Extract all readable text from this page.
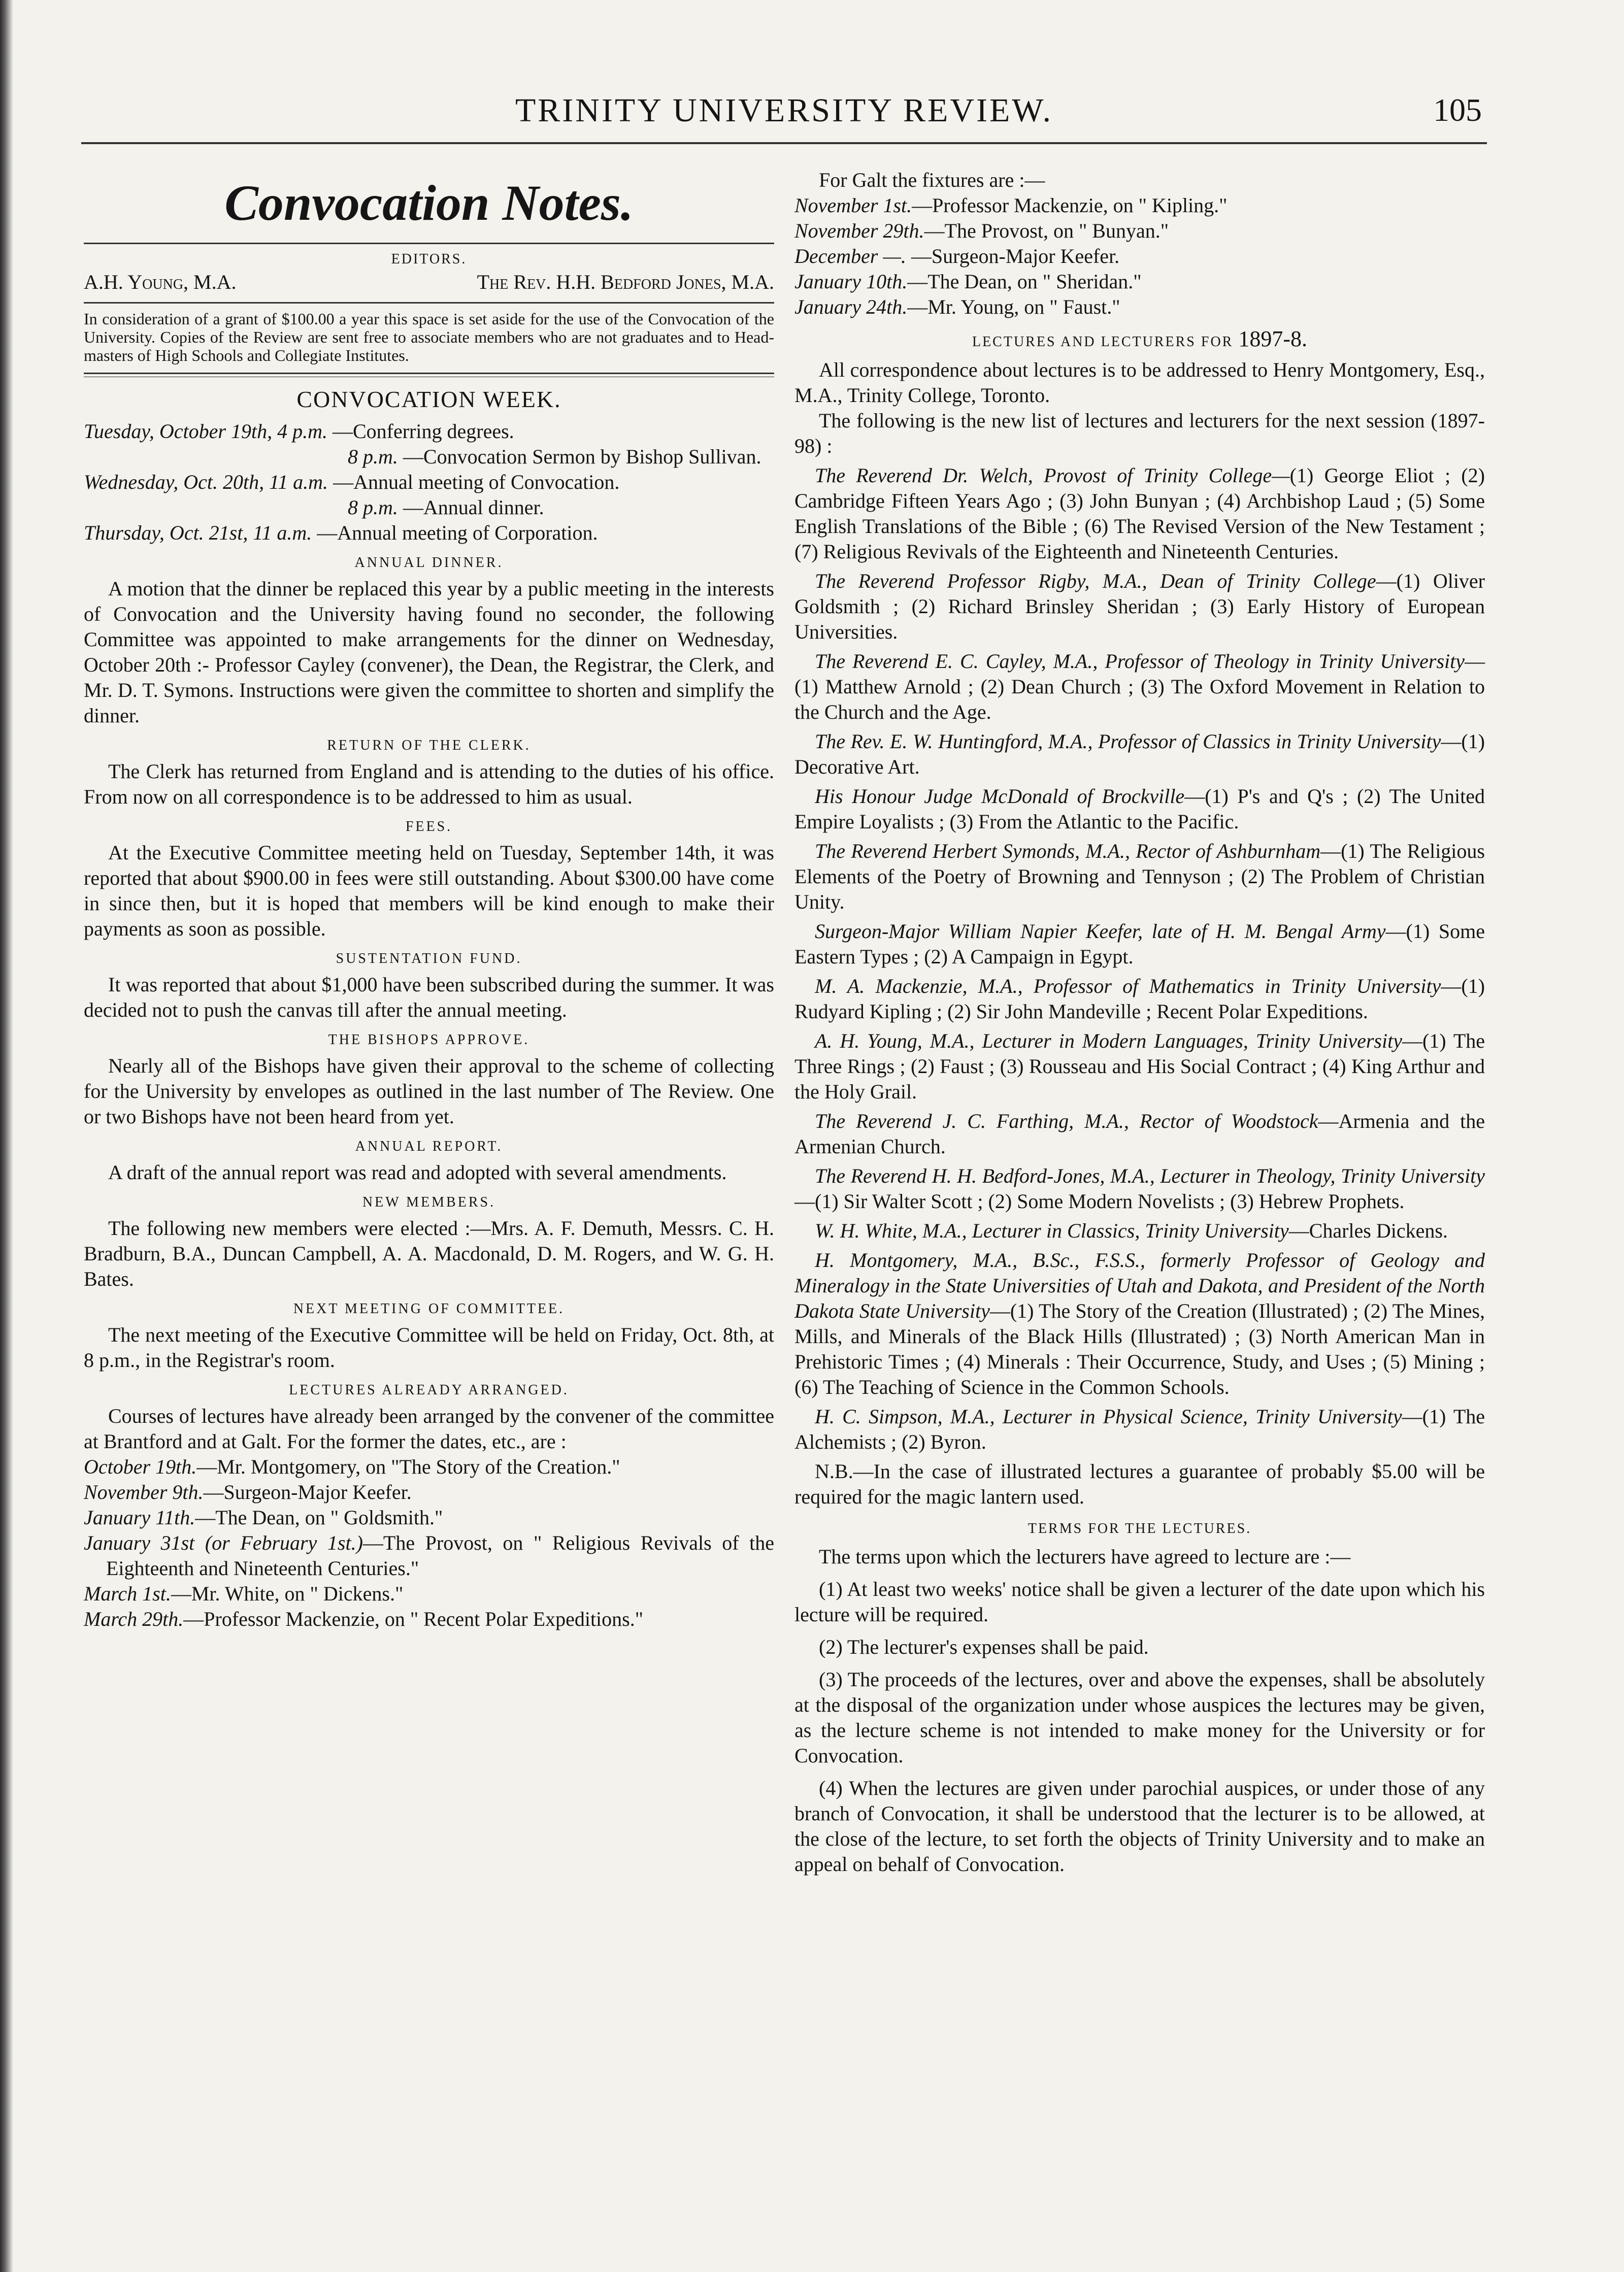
TRINITY UNIVERSITY REVIEW.	105
Convocation Notes.
EDITORS.
A.H. Young, M.A.	The Rev. H.H. Bedford Jones, M.A.
In consideration of a grant of $100.00 a year this space is set aside for the use of the Convocation of the University. Copies of the Review are sent free to associate members who are not graduates and to Head-masters of High Schools and Collegiate Institutes.
CONVOCATION WEEK.
Tuesday, October 19th, 4 p.m. —Conferring degrees.
8 p.m. —Convocation Sermon by Bishop Sullivan.
Wednesday, Oct. 20th, 11 a.m. —Annual meeting of Convocation.
8 p.m. —Annual dinner.
Thursday, Oct. 21st, 11 a.m. —Annual meeting of Corporation.
ANNUAL DINNER.

A motion that the dinner be replaced this year by a public meeting in the interests of Convocation and the University having found no seconder, the following Committee was appointed to make arrangements for the dinner on Wednesday, October 20th :- Professor Cayley (convener), the Dean, the Registrar, the Clerk, and Mr. D. T. Symons. Instructions were given the committee to shorten and simplify the dinner.

RETURN OF THE CLERK.

The Clerk has returned from England and is attending to the duties of his office. From now on all correspondence is to be addressed to him as usual.

FEES.

At the Executive Committee meeting held on Tuesday, September 14th, it was reported that about $900.00 in fees were still outstanding. About $300.00 have come in since then, but it is hoped that members will be kind enough to make their payments as soon as possible.

SUSTENTATION FUND.

It was reported that about $1,000 have been subscribed during the summer. It was decided not to push the canvas till after the annual meeting.

THE BISHOPS APPROVE.

Nearly all of the Bishops have given their approval to the scheme of collecting for the University by envelopes as outlined in the last number of The Review. One or two Bishops have not been heard from yet.

ANNUAL REPORT.

A draft of the annual report was read and adopted with several amendments.

NEW MEMBERS.

The following new members were elected :—Mrs. A. F. Demuth, Messrs. C. H. Bradburn, B.A., Duncan Campbell, A. A. Macdonald, D. M. Rogers, and W. G. H. Bates.

NEXT MEETING OF COMMITTEE.

The next meeting of the Executive Committee will be held on Friday, Oct. 8th, at 8 p.m., in the Registrar's room.

LECTURES ALREADY ARRANGED.

Courses of lectures have already been arranged by the convener of the committee at Brantford and at Galt. For the former the dates, etc., are :

October 19th.—Mr. Montgomery, on "The Story of the Creation."
November 9th.—Surgeon-Major Keefer.
January 11th.—The Dean, on " Goldsmith."
January 31st (or February 1st.)—The Provost, on " Religious Revivals of the Eighteenth and Nineteenth Centuries."
March 1st.—Mr. White, on " Dickens."
March 29th.—Professor Mackenzie, on " Recent Polar Expeditions."

For Galt the fixtures are :—

November 1st.—Professor Mackenzie, on " Kipling."
November 29th.—The Provost, on " Bunyan."
December —. —Surgeon-Major Keefer.
January 10th.—The Dean, on " Sheridan."
January 24th.—Mr. Young, on " Faust."
LECTURES AND LECTURERS FOR 1897-8.

All correspondence about lectures is to be addressed to Henry Montgomery, Esq., M.A., Trinity College, Toronto.

The following is the new list of lectures and lecturers for the next session (1897-98) :

The Reverend Dr. Welch, Provost of Trinity College—(1) George Eliot ; (2) Cambridge Fifteen Years Ago ; (3) John Bunyan ; (4) Archbishop Laud ; (5) Some English Translations of the Bible ; (6) The Revised Version of the New Testament ; (7) Religious Revivals of the Eighteenth and Nineteenth Centuries.

The Reverend Professor Rigby, M.A., Dean of Trinity College—(1) Oliver Goldsmith ; (2) Richard Brinsley Sheridan ; (3) Early History of European Universities.

The Reverend E. C. Cayley, M.A., Professor of Theology in Trinity University—(1) Matthew Arnold ; (2) Dean Church ; (3) The Oxford Movement in Relation to the Church and the Age.

The Rev. E. W. Huntingford, M.A., Professor of Classics in Trinity University—(1) Decorative Art.

His Honour Judge McDonald of Brockville—(1) P's and Q's ; (2) The United Empire Loyalists ; (3) From the Atlantic to the Pacific.

The Reverend Herbert Symonds, M.A., Rector of Ashburnham—(1) The Religious Elements of the Poetry of Browning and Tennyson ; (2) The Problem of Christian Unity.

Surgeon-Major William Napier Keefer, late of H. M. Bengal Army—(1) Some Eastern Types ; (2) A Campaign in Egypt.

M. A. Mackenzie, M.A., Professor of Mathematics in Trinity University—(1) Rudyard Kipling ; (2) Sir John Mandeville ; Recent Polar Expeditions.

A. H. Young, M.A., Lecturer in Modern Languages, Trinity University—(1) The Three Rings ; (2) Faust ; (3) Rousseau and His Social Contract ; (4) King Arthur and the Holy Grail.

The Reverend J. C. Farthing, M.A., Rector of Woodstock—Armenia and the Armenian Church.

The Reverend H. H. Bedford-Jones, M.A., Lecturer in Theology, Trinity University—(1) Sir Walter Scott ; (2) Some Modern Novelists ; (3) Hebrew Prophets.

W. H. White, M.A., Lecturer in Classics, Trinity University—Charles Dickens.

H. Montgomery, M.A., B.Sc., F.S.S., formerly Professor of Geology and Mineralogy in the State Universities of Utah and Dakota, and President of the North Dakota State University—(1) The Story of the Creation (Illustrated) ; (2) The Mines, Mills, and Minerals of the Black Hills (Illustrated) ; (3) North American Man in Prehistoric Times ; (4) Minerals : Their Occurrence, Study, and Uses ; (5) Mining ; (6) The Teaching of Science in the Common Schools.

H. C. Simpson, M.A., Lecturer in Physical Science, Trinity University—(1) The Alchemists ; (2) Byron.

N.B.—In the case of illustrated lectures a guarantee of probably $5.00 will be required for the magic lantern used.

TERMS FOR THE LECTURES.

The terms upon which the lecturers have agreed to lecture are :—

(1) At least two weeks' notice shall be given a lecturer of the date upon which his lecture will be required.

(2) The lecturer's expenses shall be paid.

(3) The proceeds of the lectures, over and above the expenses, shall be absolutely at the disposal of the organization under whose auspices the lectures may be given, as the lecture scheme is not intended to make money for the University or for Convocation.

(4) When the lectures are given under parochial auspices, or under those of any branch of Convocation, it shall be understood that the lecturer is to be allowed, at the close of the lecture, to set forth the objects of Trinity University and to make an appeal on behalf of Convocation.
